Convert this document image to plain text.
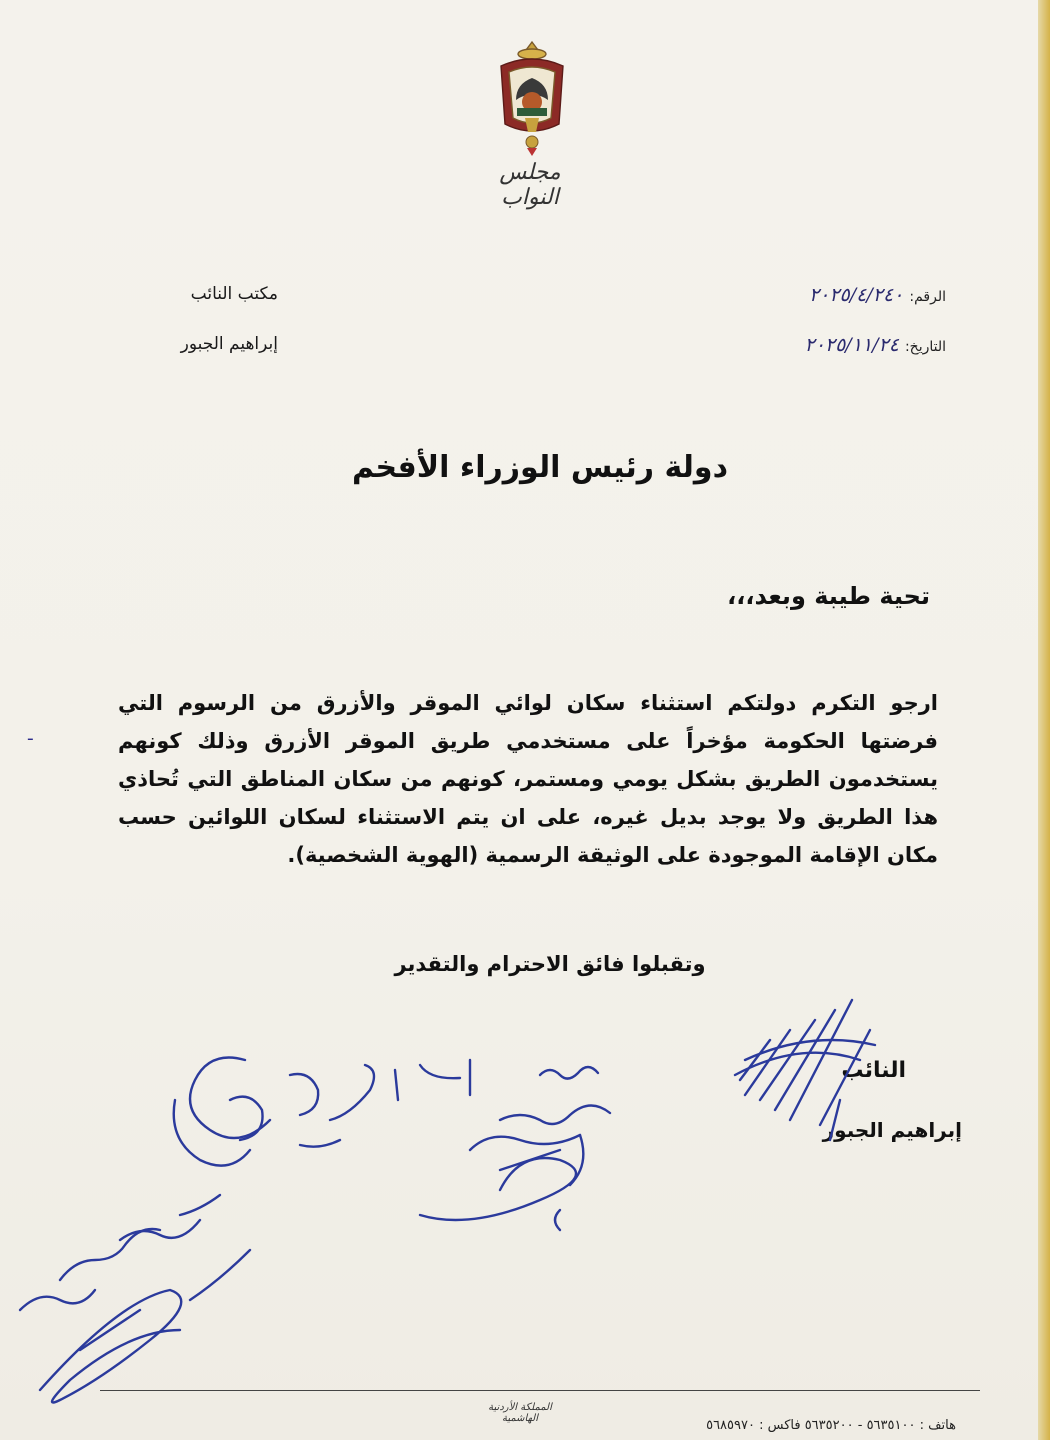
مجلس النواب
مكتب النائب
إبراهيم الجبور
الرقم:
٢٠٢٥/٤/٢٤٠
التاريخ:
٢٠٢٥/١١/٢٤
دولة رئيس الوزراء الأفخم
تحية طيبة وبعد،،،
ارجو التكرم دولتكم استثناء سكان لوائي الموقر والأزرق من الرسوم التي فرضتها الحكومة مؤخراً على مستخدمي طريق الموقر الأزرق وذلك كونهم يستخدمون الطريق بشكل يومي ومستمر، كونهم من سكان المناطق التي تُحاذي هذا الطريق ولا يوجد بديل غيره، على ان يتم الاستثناء لسكان اللوائين حسب مكان الإقامة الموجودة على الوثيقة الرسمية (الهوية الشخصية).
وتقبلوا فائق الاحترام والتقدير
النائب
إبراهيم الجبور
ـ
المملكة الأردنية الهاشمية	هاتف : ٥٦٣٥١٠٠ - ٥٦٣٥٢٠٠ فاكس : ٥٦٨٥٩٧٠
